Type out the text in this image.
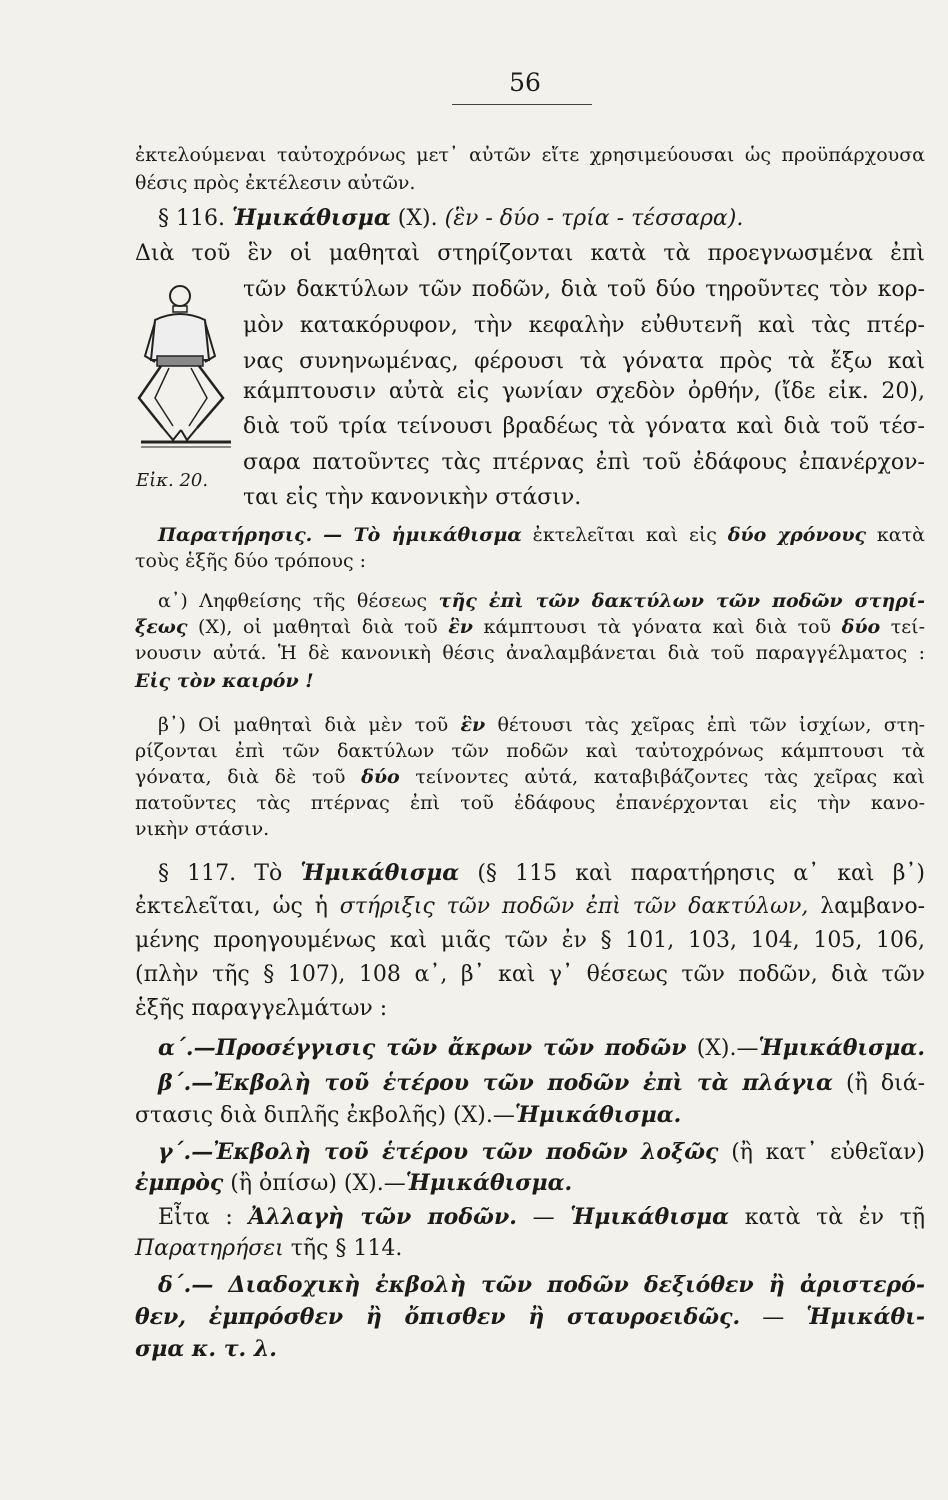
56
ἐκτελούμεναι ταὐτοχρόνως μετ᾽ αὐτῶν εἴτε χρησιμεύουσαι ὡς προϋπάρχουσα
θέσις πρὸς ἐκτέλεσιν αὐτῶν.
§ 116. Ἡμικάθισμα (Χ). (ἓν - δύο - τρία - τέσσαρα).
Διὰ τοῦ ἓν οἱ μαθηταὶ στηρίζονται κατὰ τὰ προεγνωσμένα ἐπὶ
Εἰκ. 20.
τῶν δακτύλων τῶν ποδῶν, διὰ τοῦ δύο τηροῦντες τὸν κορ-
μὸν κατακόρυφον, τὴν κεφαλὴν εὐθυτενῆ καὶ τὰς πτέρ-
νας συνηνωμένας, φέρουσι τὰ γόνατα πρὸς τὰ ἔξω καὶ
κάμπτουσιν αὐτὰ εἰς γωνίαν σχεδὸν ὀρθήν, (ἴδε εἰκ. 20),
διὰ τοῦ τρία τείνουσι βραδέως τὰ γόνατα καὶ διὰ τοῦ τέσ-
σαρα πατοῦντες τὰς πτέρνας ἐπὶ τοῦ ἐδάφους ἐπανέρχον-
ται εἰς τὴν κανονικὴν στάσιν.
Παρατήρησις. — Τὸ ἡμικάθισμα ἐκτελεῖται καὶ εἰς δύο χρόνους κατὰ
τοὺς ἑξῆς δύο τρόπους :
α᾽) Ληφθείσης τῆς θέσεως τῆς ἐπὶ τῶν δακτύλων τῶν ποδῶν στηρί-
ξεως (Χ), οἱ μαθηταὶ διὰ τοῦ ἓν κάμπτουσι τὰ γόνατα καὶ διὰ τοῦ δύο τεί-
νουσιν αὐτά. Ἡ δὲ κανονικὴ θέσις ἀναλαμβάνεται διὰ τοῦ παραγγέλματος :
Εἰς τὸν καιρόν !
β᾽) Οἱ μαθηταὶ διὰ μὲν τοῦ ἓν θέτουσι τὰς χεῖρας ἐπὶ τῶν ἰσχίων, στη-
ρίζονται ἐπὶ τῶν δακτύλων τῶν ποδῶν καὶ ταὐτοχρόνως κάμπτουσι τὰ
γόνατα, διὰ δὲ τοῦ δύο τείνοντες αὐτά, καταβιβάζοντες τὰς χεῖρας καὶ
πατοῦντες τὰς πτέρνας ἐπὶ τοῦ ἐδάφους ἐπανέρχονται εἰς τὴν κανο-
νικὴν στάσιν.
§ 117. Τὸ Ἡμικάθισμα (§ 115 καὶ παρατήρησις α᾽ καὶ β᾽)
ἐκτελεῖται, ὡς ἡ στήριξις τῶν ποδῶν ἐπὶ τῶν δακτύλων, λαμβανο-
μένης προηγουμένως καὶ μιᾶς τῶν ἐν § 101, 103, 104, 105, 106,
(πλὴν τῆς § 107), 108 α᾽, β᾽ καὶ γ᾽ θέσεως τῶν ποδῶν, διὰ τῶν
ἑξῆς παραγγελμάτων :
α΄.—Προσέγγισις τῶν ἄκρων τῶν ποδῶν (Χ).—Ἡμικάθισμα.
β΄.—Ἐκβολὴ τοῦ ἑτέρου τῶν ποδῶν ἐπὶ τὰ πλάγια (ἢ διά-
στασις διὰ διπλῆς ἐκβολῆς) (Χ).—Ἡμικάθισμα.
γ΄.—Ἐκβολὴ τοῦ ἑτέρου τῶν ποδῶν λοξῶς (ἢ κατ᾽ εὐθεῖαν)
ἐμπρὸς (ἢ ὀπίσω) (Χ).—Ἡμικάθισμα.
Εἶτα : Ἀλλαγὴ τῶν ποδῶν. — Ἡμικάθισμα κατὰ τὰ ἐν τῇ
Παρατηρήσει τῆς § 114.
δ΄.— Διαδοχικὴ ἐκβολὴ τῶν ποδῶν δεξιόθεν ἢ ἀριστερό-
θεν, ἐμπρόσθεν ἢ ὄπισθεν ἢ σταυροειδῶς. — Ἡμικάθι-
σμα κ. τ. λ.
